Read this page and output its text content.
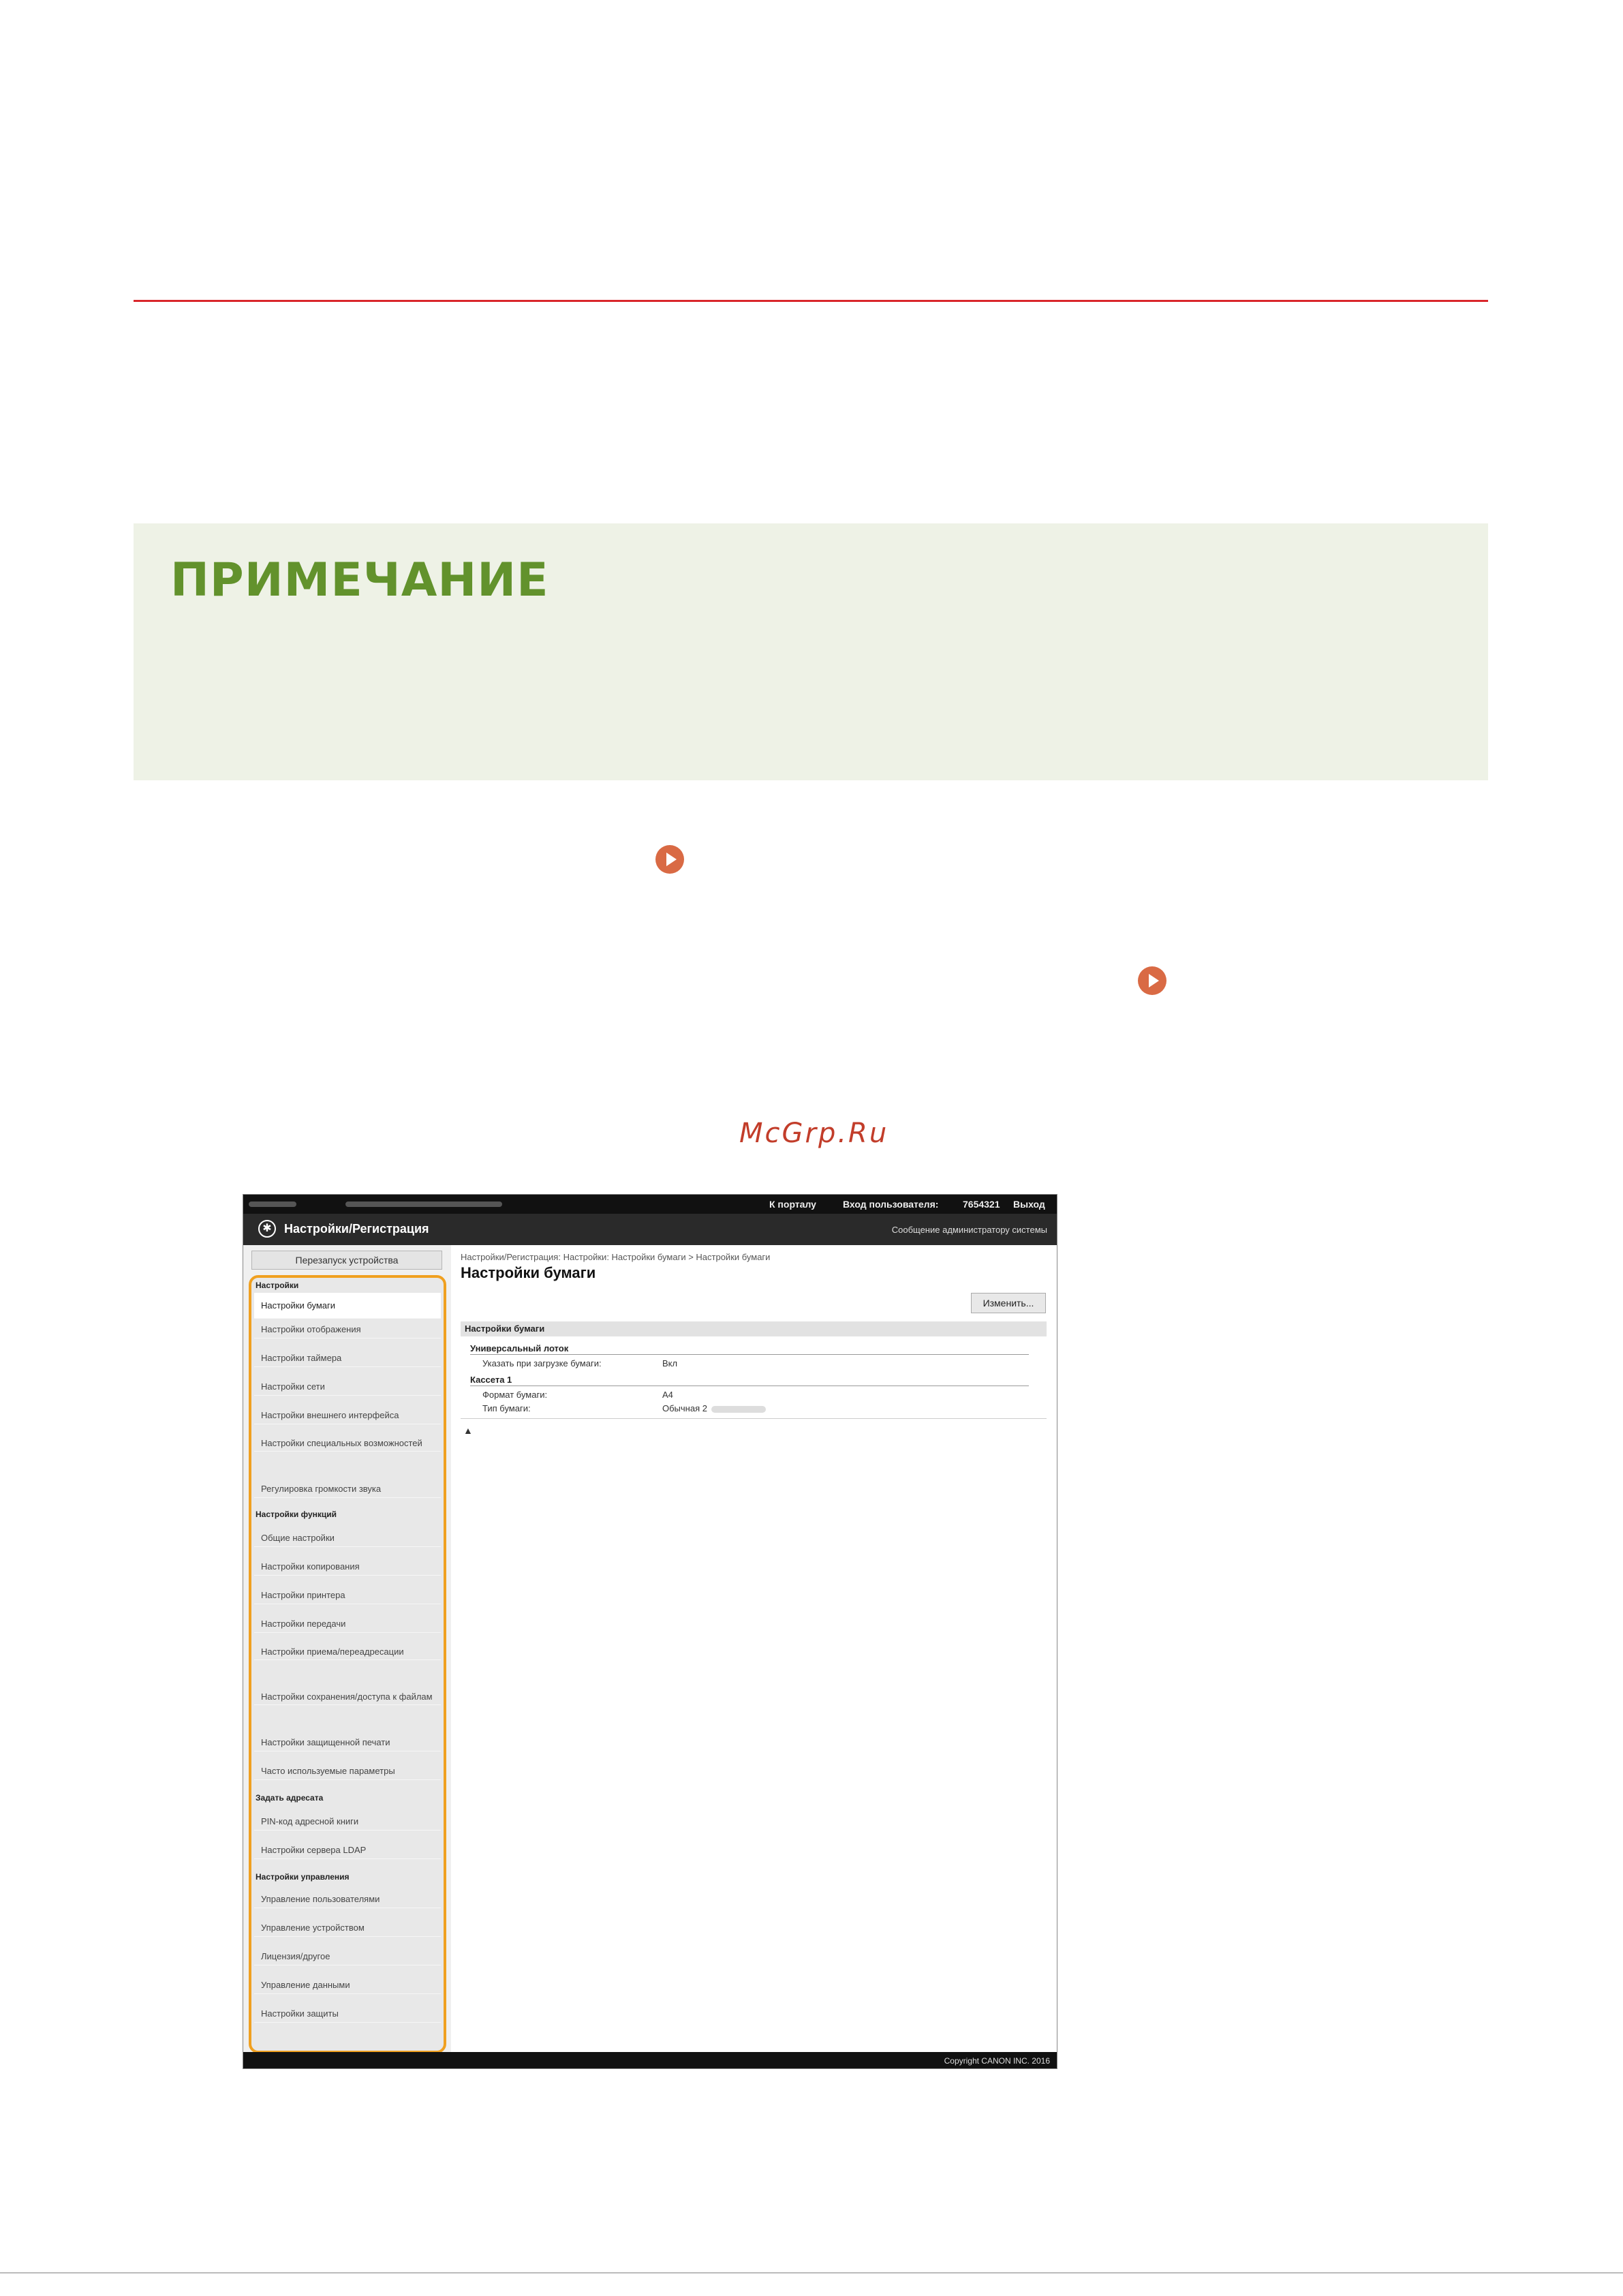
ПРИМЕЧАНИЕ
McGrp.Ru
К порталу	Вход пользователя:	7654321 Выход
✱	Настройки/Регистрация	Сообщение администратору системы
Перезапуск устройства
Настройки
Настройки бумаги
Настройки отображения
Настройки таймера
Настройки сети
Настройки внешнего интерфейса
Настройки специальных возможностей
Регулировка громкости звука
Настройки функций
Общие настройки
Настройки копирования
Настройки принтера
Настройки передачи
Настройки приема/переадресации
Настройки сохранения/доступа к файлам
Настройки защищенной печати
Часто используемые параметры
Задать адресата
PIN-код адресной книги
Настройки сервера LDAP
Настройки управления
Управление пользователями
Управление устройством
Лицензия/другое
Управление данными
Настройки защиты
Настройки/Регистрация: Настройки: Настройки бумаги > Настройки бумаги
Настройки бумаги
Изменить...
Настройки бумаги
Универсальный лоток
Указать при загрузке бумаги:	Вкл
Кассета 1
Формат бумаги:	A4
Тип бумаги:	Обычная 2
▲
Copyright CANON INC. 2016
